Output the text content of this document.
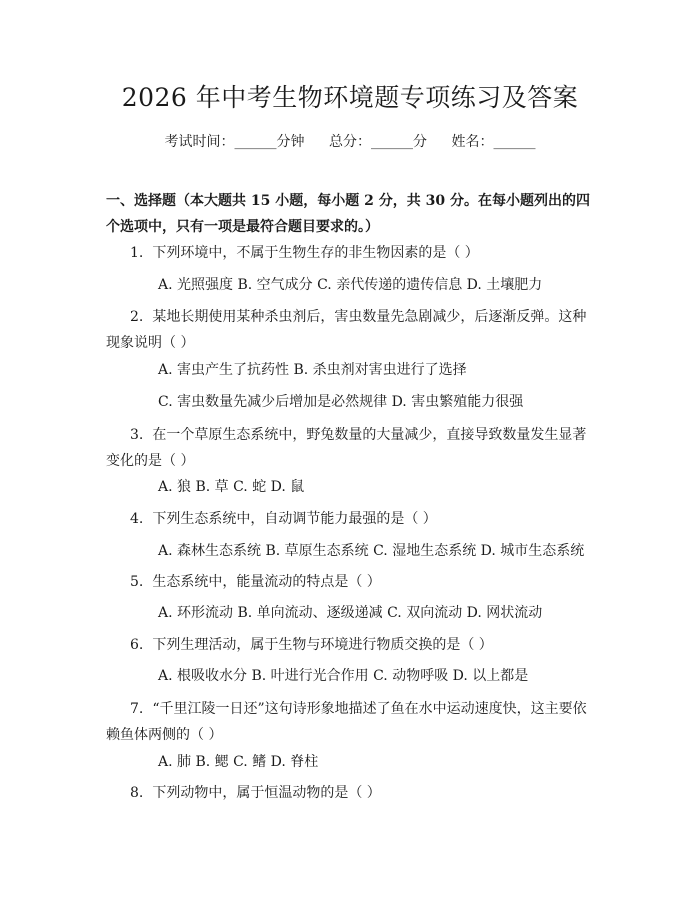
2026 年中考生物环境题专项练习及答案
考试时间：______分钟 总分：______分 姓名：______

一、选择题（本大题共 15 小题，每小题 2 分，共 30 分。在每小题列出的四个选项中，只有一项是最符合题目要求的。）

1. 下列环境中，不属于生物生存的非生物因素的是（ ）
A. 光照强度 B. 空气成分 C. 亲代传递的遗传信息 D. 土壤肥力
2. 某地长期使用某种杀虫剂后，害虫数量先急剧减少，后逐渐反弹。这种现象说明（ ）
A. 害虫产生了抗药性 B. 杀虫剂对害虫进行了选择
C. 害虫数量先减少后增加是必然规律 D. 害虫繁殖能力很强
3. 在一个草原生态系统中，野兔数量的大量减少，直接导致数量发生显著变化的是（ ）
A. 狼 B. 草 C. 蛇 D. 鼠
4. 下列生态系统中，自动调节能力最强的是（ ）
A. 森林生态系统 B. 草原生态系统 C. 湿地生态系统 D. 城市生态系统
5. 生态系统中，能量流动的特点是（ ）
A. 环形流动 B. 单向流动、逐级递减 C. 双向流动 D. 网状流动
6. 下列生理活动，属于生物与环境进行物质交换的是（ ）
A. 根吸收水分 B. 叶进行光合作用 C. 动物呼吸 D. 以上都是
7. “千里江陵一日还”这句诗形象地描述了鱼在水中运动速度快，这主要依赖鱼体两侧的（ ）
A. 肺 B. 鳃 C. 鳍 D. 脊柱
8. 下列动物中，属于恒温动物的是（ ）
